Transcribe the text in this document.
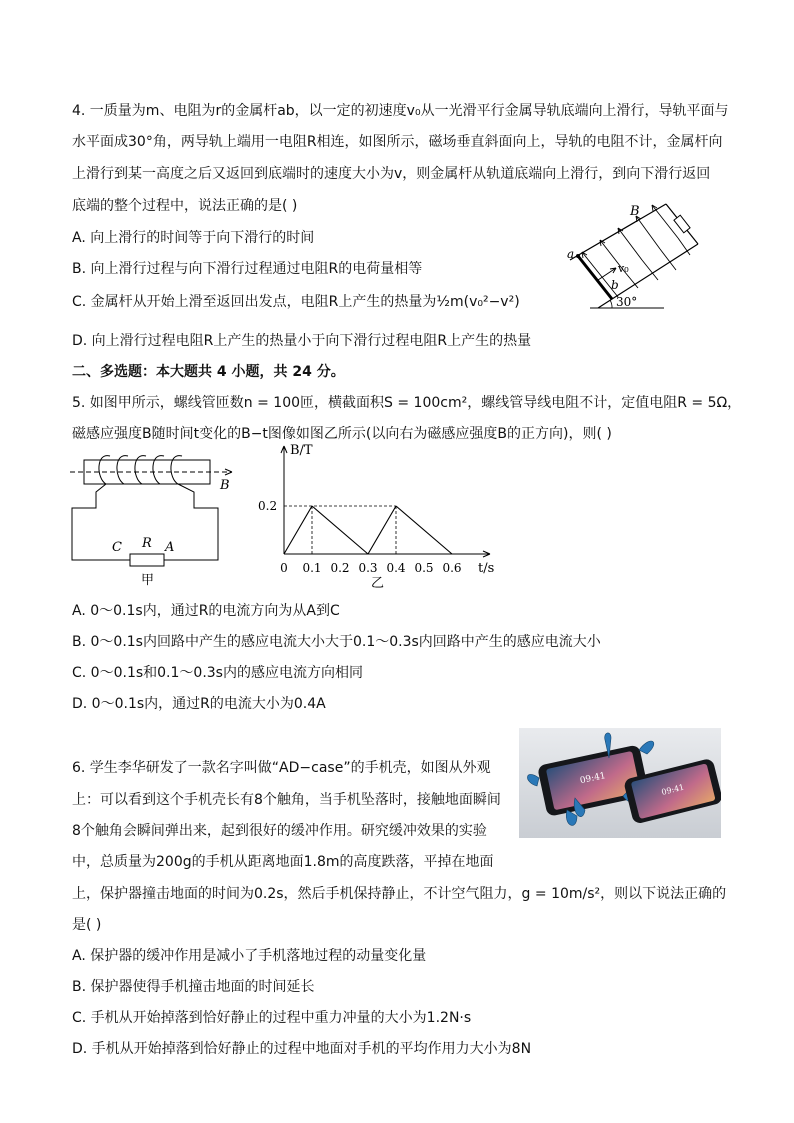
4. 一质量为m、电阻为r的金属杆ab，以一定的初速度v₀从一光滑平行金属导轨底端向上滑行，导轨平面与
水平面成30°角，两导轨上端用一电阻R相连，如图所示，磁场垂直斜面向上，导轨的电阻不计，金属杆向
上滑行到某一高度之后又返回到底端时的速度大小为v，则金属杆从轨道底端向上滑行，到向下滑行返回
底端的整个过程中，说法正确的是( )
A. 向上滑行的时间等于向下滑行的时间
B. 向上滑行过程与向下滑行过程通过电阻R的电荷量相等
C. 金属杆从开始上滑至返回出发点，电阻R上产生的热量为½m(v₀²−v²)
D. 向上滑行过程电阻R上产生的热量小于向下滑行过程电阻R上产生的热量
B
a
b
v₀
30°
二、多选题：本大题共 4 小题，共 24 分。
5. 如图甲所示，螺线管匝数n = 100匝，横截面积S = 100cm²，螺线管导线电阻不计，定值电阻R = 5Ω，
磁感应强度B随时间t变化的B−t图像如图乙所示(以向右为磁感应强度B的正方向)，则( )
B
C R A
甲
0.2
0 0.1 0.2 0.3 0.4 0.5 0.6
B/T
t/s
乙
A. 0～0.1s内，通过R的电流方向为从A到C
B. 0～0.1s内回路中产生的感应电流大小大于0.1～0.3s内回路中产生的感应电流大小
C. 0～0.1s和0.1～0.3s内的感应电流方向相同
D. 0～0.1s内，通过R的电流大小为0.4A
6. 学生李华研发了一款名字叫做“AD−case”的手机壳，如图从外观
上：可以看到这个手机壳长有8个触角，当手机坠落时，接触地面瞬间
8个触角会瞬间弹出来，起到很好的缓冲作用。研究缓冲效果的实验
中，总质量为200g的手机从距离地面1.8m的高度跌落，平掉在地面
上，保护器撞击地面的时间为0.2s，然后手机保持静止，不计空气阻力，g = 10m/s²，则以下说法正确的
是( )
09:41
09:41
A. 保护器的缓冲作用是减小了手机落地过程的动量变化量
B. 保护器使得手机撞击地面的时间延长
C. 手机从开始掉落到恰好静止的过程中重力冲量的大小为1.2N·s
D. 手机从开始掉落到恰好静止的过程中地面对手机的平均作用力大小为8N
